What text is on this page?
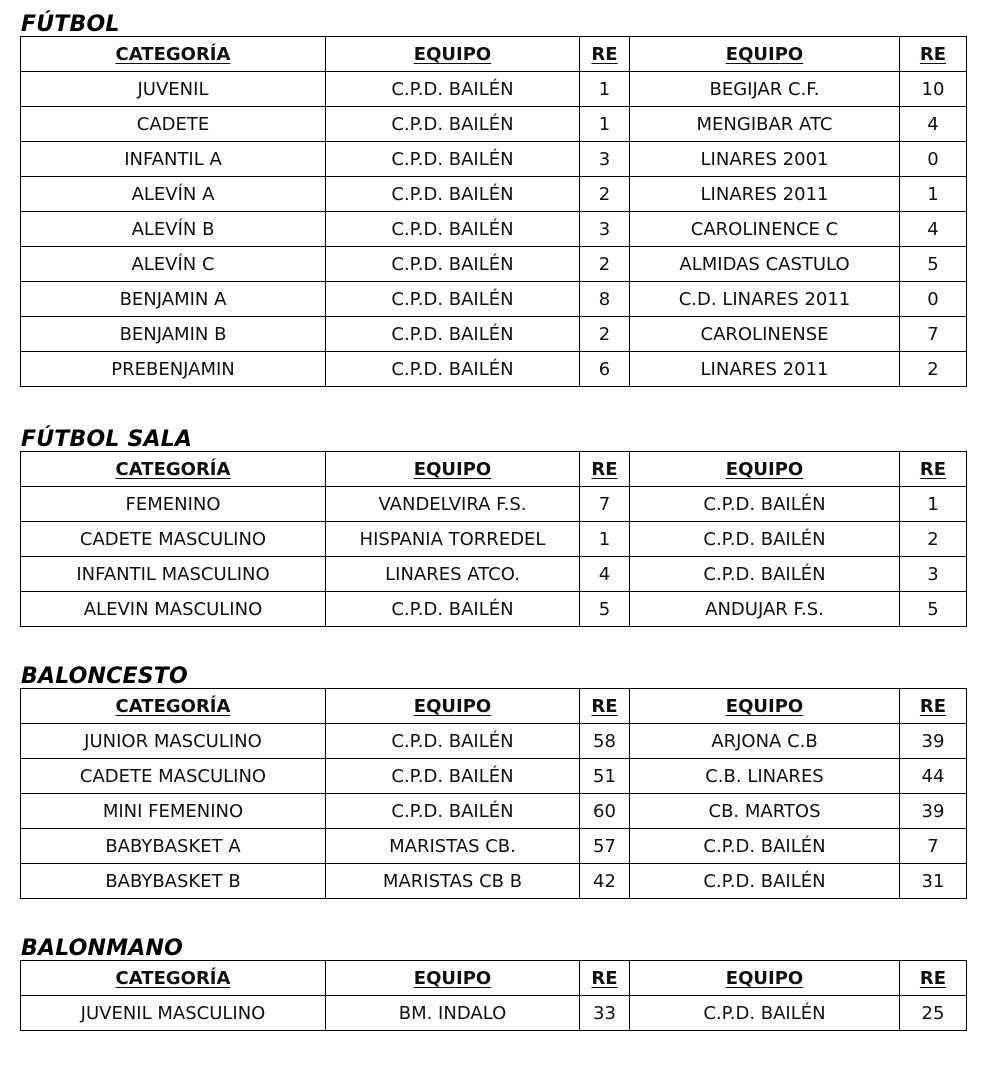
FÚTBOL
CATEGORÍA	EQUIPO	RE	EQUIPO	RE
JUVENIL	C.P.D. BAILÉN	1	BEGIJAR C.F.	10
CADETE	C.P.D. BAILÉN	1	MENGIBAR ATC	4
INFANTIL A	C.P.D. BAILÉN	3	LINARES 2001	0
ALEVÍN A	C.P.D. BAILÉN	2	LINARES 2011	1
ALEVÍN B	C.P.D. BAILÉN	3	CAROLINENCE C	4
ALEVÍN C	C.P.D. BAILÉN	2	ALMIDAS CASTULO	5
BENJAMIN A	C.P.D. BAILÉN	8	C.D. LINARES 2011	0
BENJAMIN B	C.P.D. BAILÉN	2	CAROLINENSE	7
PREBENJAMIN	C.P.D. BAILÉN	6	LINARES 2011	2
FÚTBOL SALA
CATEGORÍA	EQUIPO	RE	EQUIPO	RE
FEMENINO	VANDELVIRA F.S.	7	C.P.D. BAILÉN	1
CADETE MASCULINO	HISPANIA TORREDEL	1	C.P.D. BAILÉN	2
INFANTIL MASCULINO	LINARES ATCO.	4	C.P.D. BAILÉN	3
ALEVIN MASCULINO	C.P.D. BAILÉN	5	ANDUJAR F.S.	5
BALONCESTO
CATEGORÍA	EQUIPO	RE	EQUIPO	RE
JUNIOR MASCULINO	C.P.D. BAILÉN	58	ARJONA C.B	39
CADETE MASCULINO	C.P.D. BAILÉN	51	C.B. LINARES	44
MINI FEMENINO	C.P.D. BAILÉN	60	CB. MARTOS	39
BABYBASKET A	MARISTAS CB.	57	C.P.D. BAILÉN	7
BABYBASKET B	MARISTAS CB B	42	C.P.D. BAILÉN	31
BALONMANO
CATEGORÍA	EQUIPO	RE	EQUIPO	RE
JUVENIL MASCULINO	BM. INDALO	33	C.P.D. BAILÉN	25
